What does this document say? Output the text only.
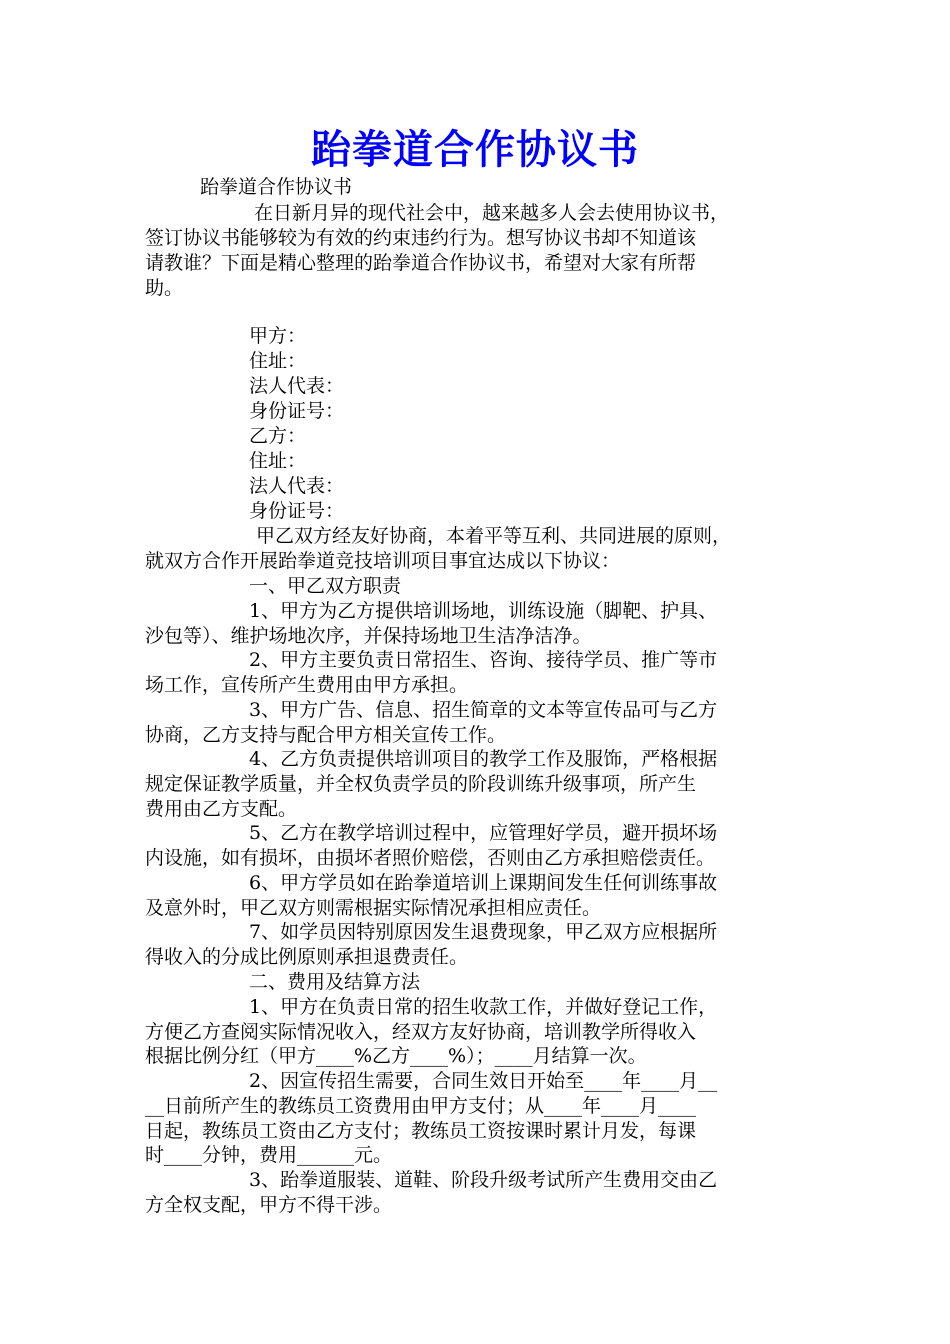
跆拳道合作协议书
跆拳道合作协议书
在日新月异的现代社会中，越来越多人会去使用协议书，
签订协议书能够较为有效的约束违约行为。想写协议书却不知道该
请教谁？下面是精心整理的跆拳道合作协议书，希望对大家有所帮
助。
甲方：
住址：
法人代表：
身份证号：
乙方：
住址：
法人代表：
身份证号：
甲乙双方经友好协商，本着平等互利、共同进展的原则，
就双方合作开展跆拳道竞技培训项目事宜达成以下协议：
一、甲乙双方职责
1、甲方为乙方提供培训场地，训练设施（脚靶、护具、
沙包等）、维护场地次序，并保持场地卫生洁净洁净。
2、甲方主要负责日常招生、咨询、接待学员、推广等市
场工作，宣传所产生费用由甲方承担。
3、甲方广告、信息、招生简章的文本等宣传品可与乙方
协商，乙方支持与配合甲方相关宣传工作。
4、乙方负责提供培训项目的教学工作及服饰，严格根据
规定保证教学质量，并全权负责学员的阶段训练升级事项，所产生
费用由乙方支配。
5、乙方在教学培训过程中，应管理好学员，避开损坏场
内设施，如有损坏，由损坏者照价赔偿，否则由乙方承担赔偿责任。
6、甲方学员如在跆拳道培训上课期间发生任何训练事故
及意外时，甲乙双方则需根据实际情况承担相应责任。
7、如学员因特别原因发生退费现象，甲乙双方应根据所
得收入的分成比例原则承担退费责任。
二、费用及结算方法
1、甲方在负责日常的招生收款工作，并做好登记工作，
方便乙方查阅实际情况收入，经双方友好协商，培训教学所得收入
根据比例分红（甲方____%乙方____%）；____月结算一次。
2、因宣传招生需要，合同生效日开始至____年____月__
__日前所产生的教练员工资费用由甲方支付；从____年____月____
日起，教练员工资由乙方支付；教练员工资按课时累计月发，每课
时____分钟，费用______元。
3、跆拳道服装、道鞋、阶段升级考试所产生费用交由乙
方全权支配，甲方不得干涉。
